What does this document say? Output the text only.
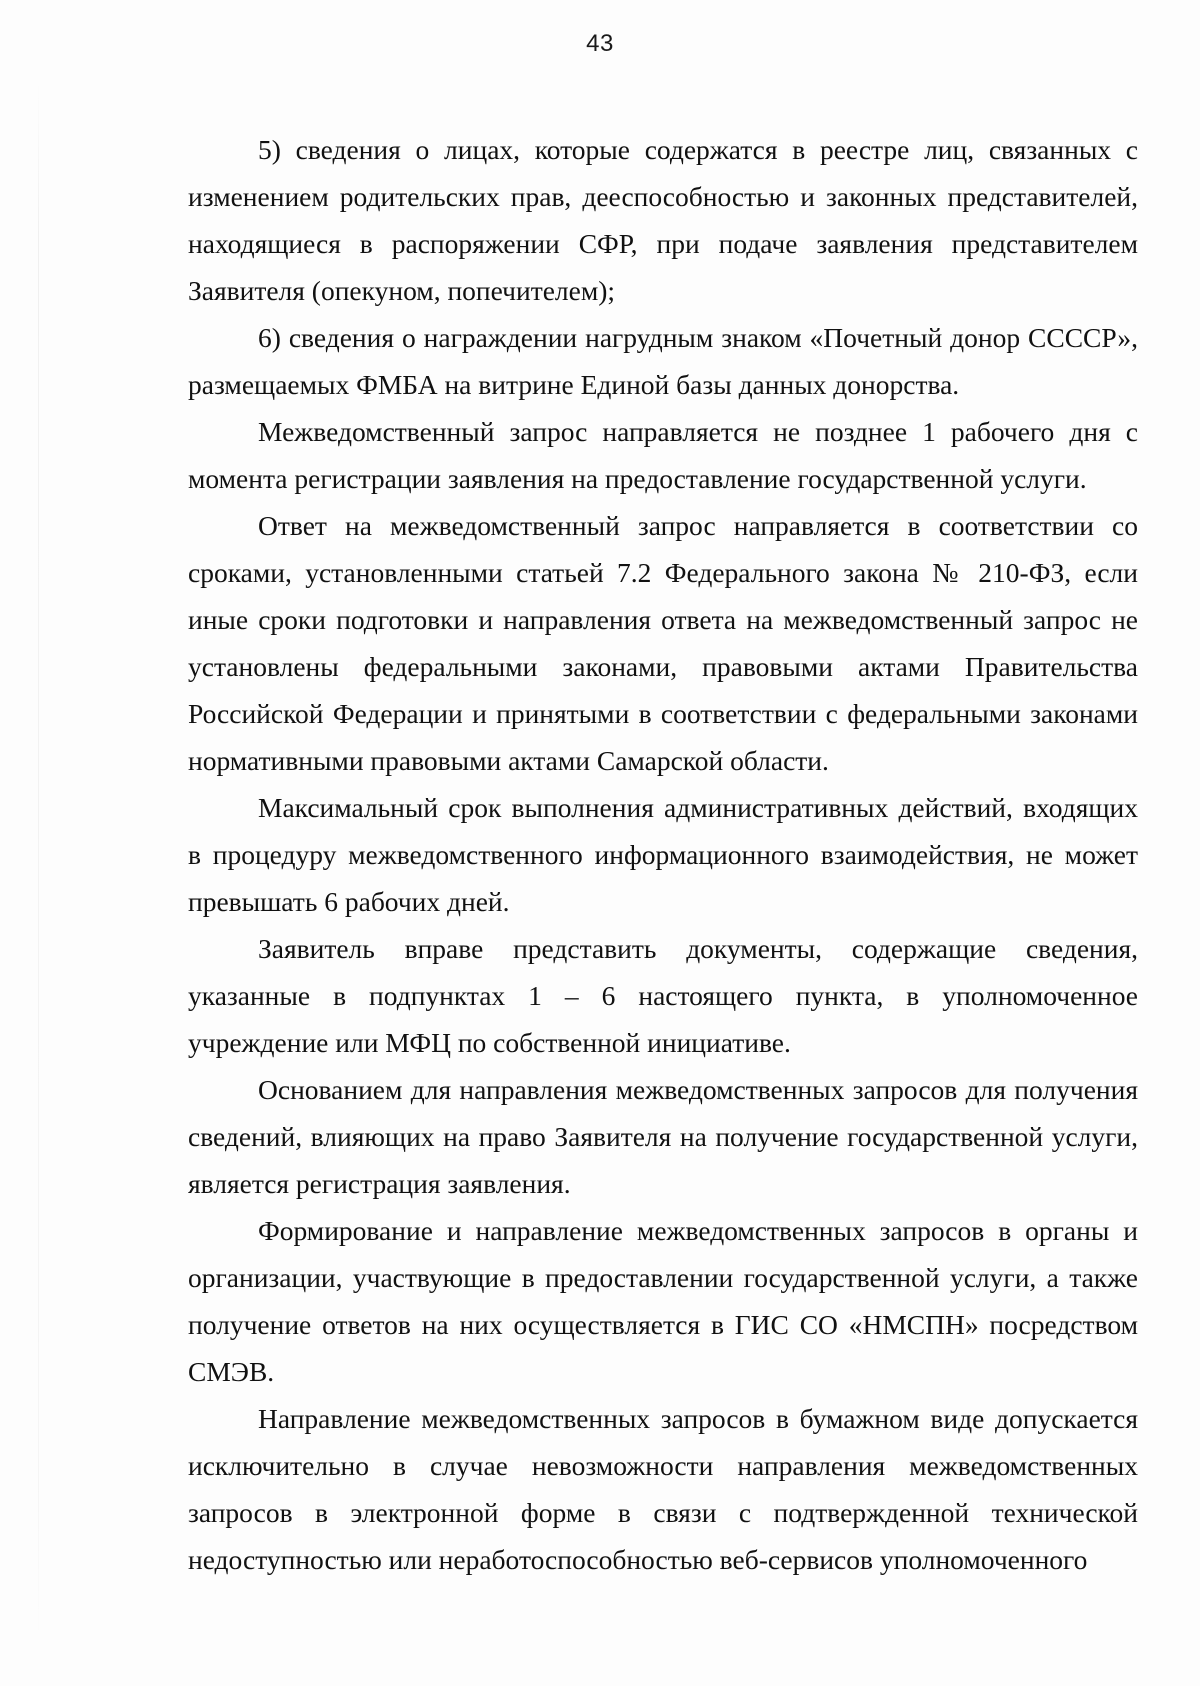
43

5) сведения о лицах, которые содержатся в реестре лиц, связанных с изменением родительских прав, дееспособностью и законных представителей, находящиеся в распоряжении СФР, при подаче заявления представителем Заявителя (опекуном, попечителем);

6) сведения о награждении нагрудным знаком «Почетный донор СССCР», размещаемых ФМБА на витрине Единой базы данных донорства.

Межведомственный запрос направляется не позднее 1 рабочего дня с момента регистрации заявления на предоставление государственной услуги.

Ответ на межведомственный запрос направляется в соответствии со сроками, установленными статьей 7.2 Федерального закона № 210-ФЗ, если иные сроки подготовки и направления ответа на межведомственный запрос не установлены федеральными законами, правовыми актами Правительства Российской Федерации и принятыми в соответствии с федеральными законами нормативными правовыми актами Самарской области.

Максимальный срок выполнения административных действий, входящих в процедуру межведомственного информационного взаимодействия, не может превышать 6 рабочих дней.

Заявитель вправе представить документы, содержащие сведения, указанные в подпунктах 1 – 6 настоящего пункта, в уполномоченное учреждение или МФЦ по собственной инициативе.

Основанием для направления межведомственных запросов для получения сведений, влияющих на право Заявителя на получение государственной услуги, является регистрация заявления.

Формирование и направление межведомственных запросов в органы и организации, участвующие в предоставлении государственной услуги, а также получение ответов на них осуществляется в ГИС СО «НМСПН» посредством СМЭВ.

Направление межведомственных запросов в бумажном виде допускается исключительно в случае невозможности направления межведомственных запросов в электронной форме в связи с подтвержденной технической недоступностью или неработоспособностью веб-сервисов уполномоченного
